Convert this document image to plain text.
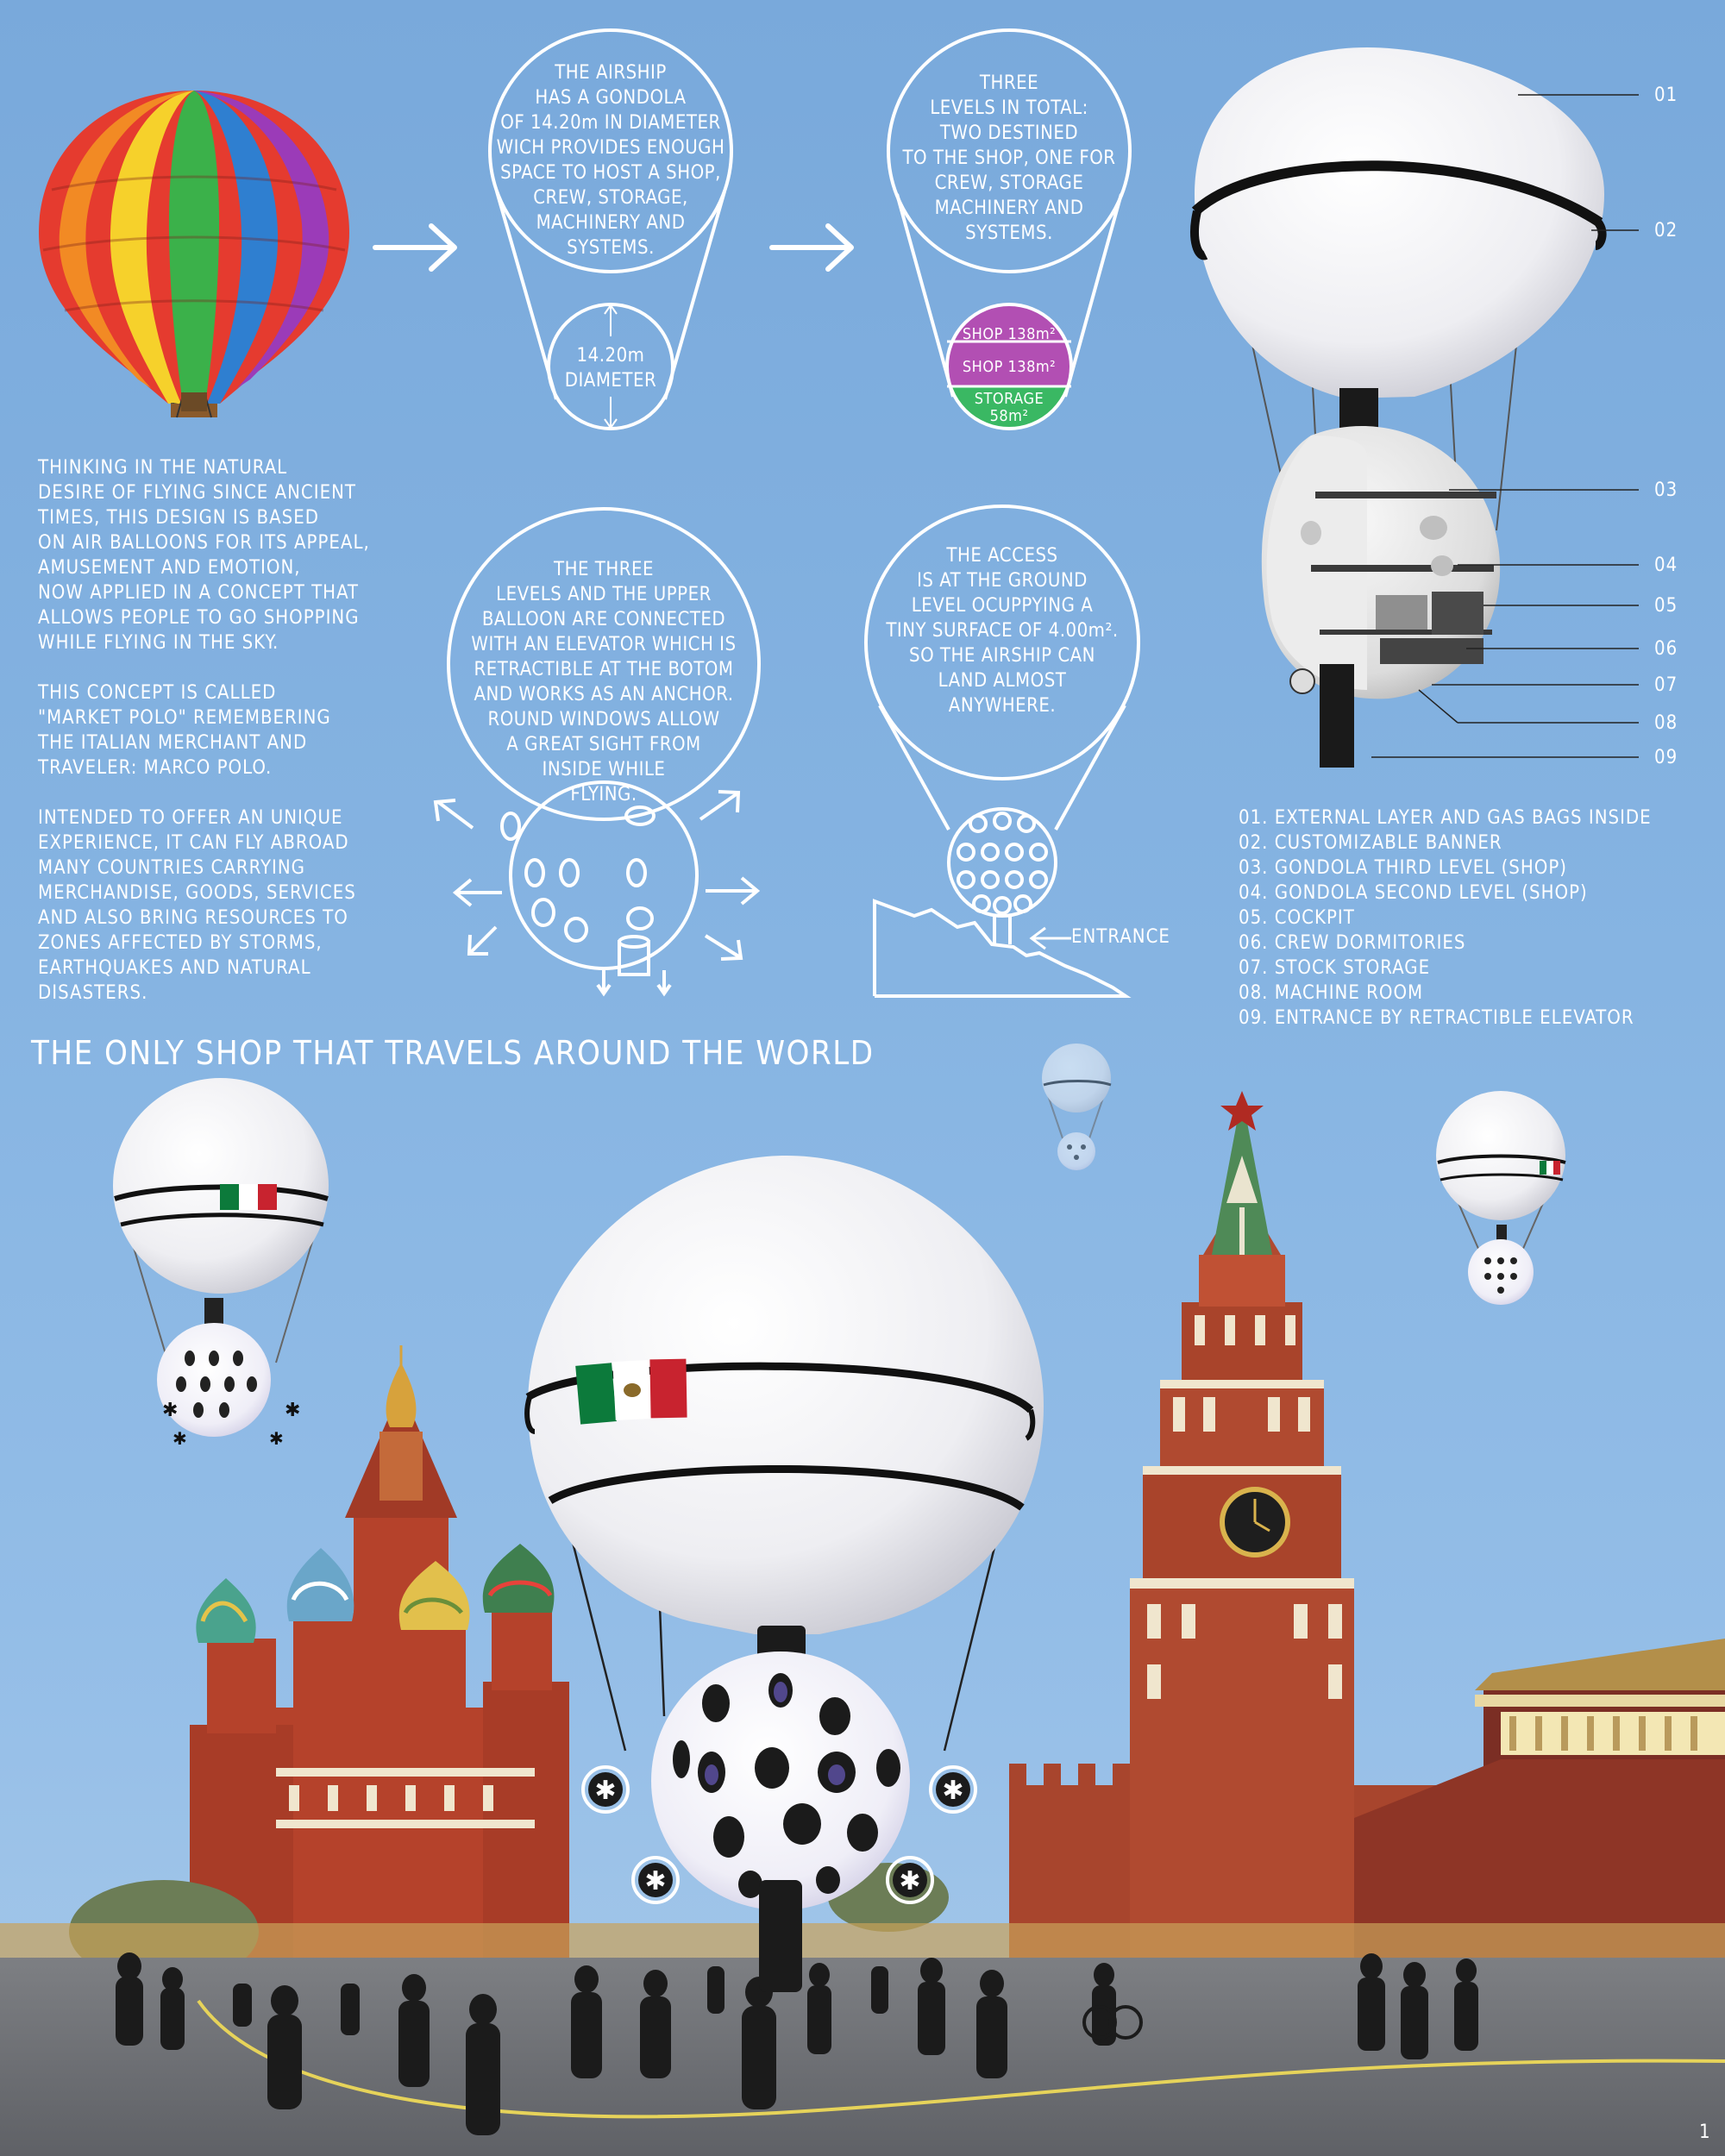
✱	✱
✱	✱
✱	✱
✱	✱
THE AIRSHIP
HAS A GONDOLA
OF 14.20m IN DIAMETER
WICH PROVIDES ENOUGH
SPACE TO HOST A SHOP,
CREW, STORAGE,
MACHINERY AND
SYSTEMS.
14.20m
DIAMETER
THREE
LEVELS IN TOTAL:
TWO DESTINED
TO THE SHOP, ONE FOR
CREW, STORAGE
MACHINERY AND
SYSTEMS.
SHOP 138m²
SHOP 138m²
STORAGE
58m²
THE THREE
LEVELS AND THE UPPER
BALLOON ARE CONNECTED
WITH AN ELEVATOR WHICH IS
RETRACTIBLE AT THE BOTOM
AND WORKS AS AN ANCHOR.
ROUND WINDOWS ALLOW
A GREAT SIGHT FROM
INSIDE WHILE
FLYING.
THE ACCESS
IS AT THE GROUND
LEVEL OCUPPYING A
TINY SURFACE OF 4.00m².
SO THE AIRSHIP CAN
LAND ALMOST
ANYWHERE.
ENTRANCE
THINKING IN THE NATURAL
DESIRE OF FLYING SINCE ANCIENT
TIMES, THIS DESIGN IS BASED
ON AIR BALLOONS FOR ITS APPEAL,
AMUSEMENT AND EMOTION,
NOW APPLIED IN A CONCEPT THAT
ALLOWS PEOPLE TO GO SHOPPING
WHILE FLYING IN THE SKY.
THIS CONCEPT IS CALLED
"MARKET POLO" REMEMBERING
THE ITALIAN MERCHANT AND
TRAVELER: MARCO POLO.
INTENDED TO OFFER AN UNIQUE
EXPERIENCE, IT CAN FLY ABROAD
MANY COUNTRIES CARRYING
MERCHANDISE, GOODS, SERVICES
AND ALSO BRING RESOURCES TO
ZONES AFFECTED BY STORMS,
EARTHQUAKES AND NATURAL
DISASTERS.
01
02
03
04
05
06
07
08
09
01. EXTERNAL LAYER AND GAS BAGS INSIDE
02. CUSTOMIZABLE BANNER
03. GONDOLA THIRD LEVEL (SHOP)
04. GONDOLA SECOND LEVEL (SHOP)
05. COCKPIT
06. CREW DORMITORIES
07. STOCK STORAGE
08. MACHINE ROOM
09. ENTRANCE BY RETRACTIBLE ELEVATOR
THE ONLY SHOP THAT TRAVELS AROUND THE WORLD
1
